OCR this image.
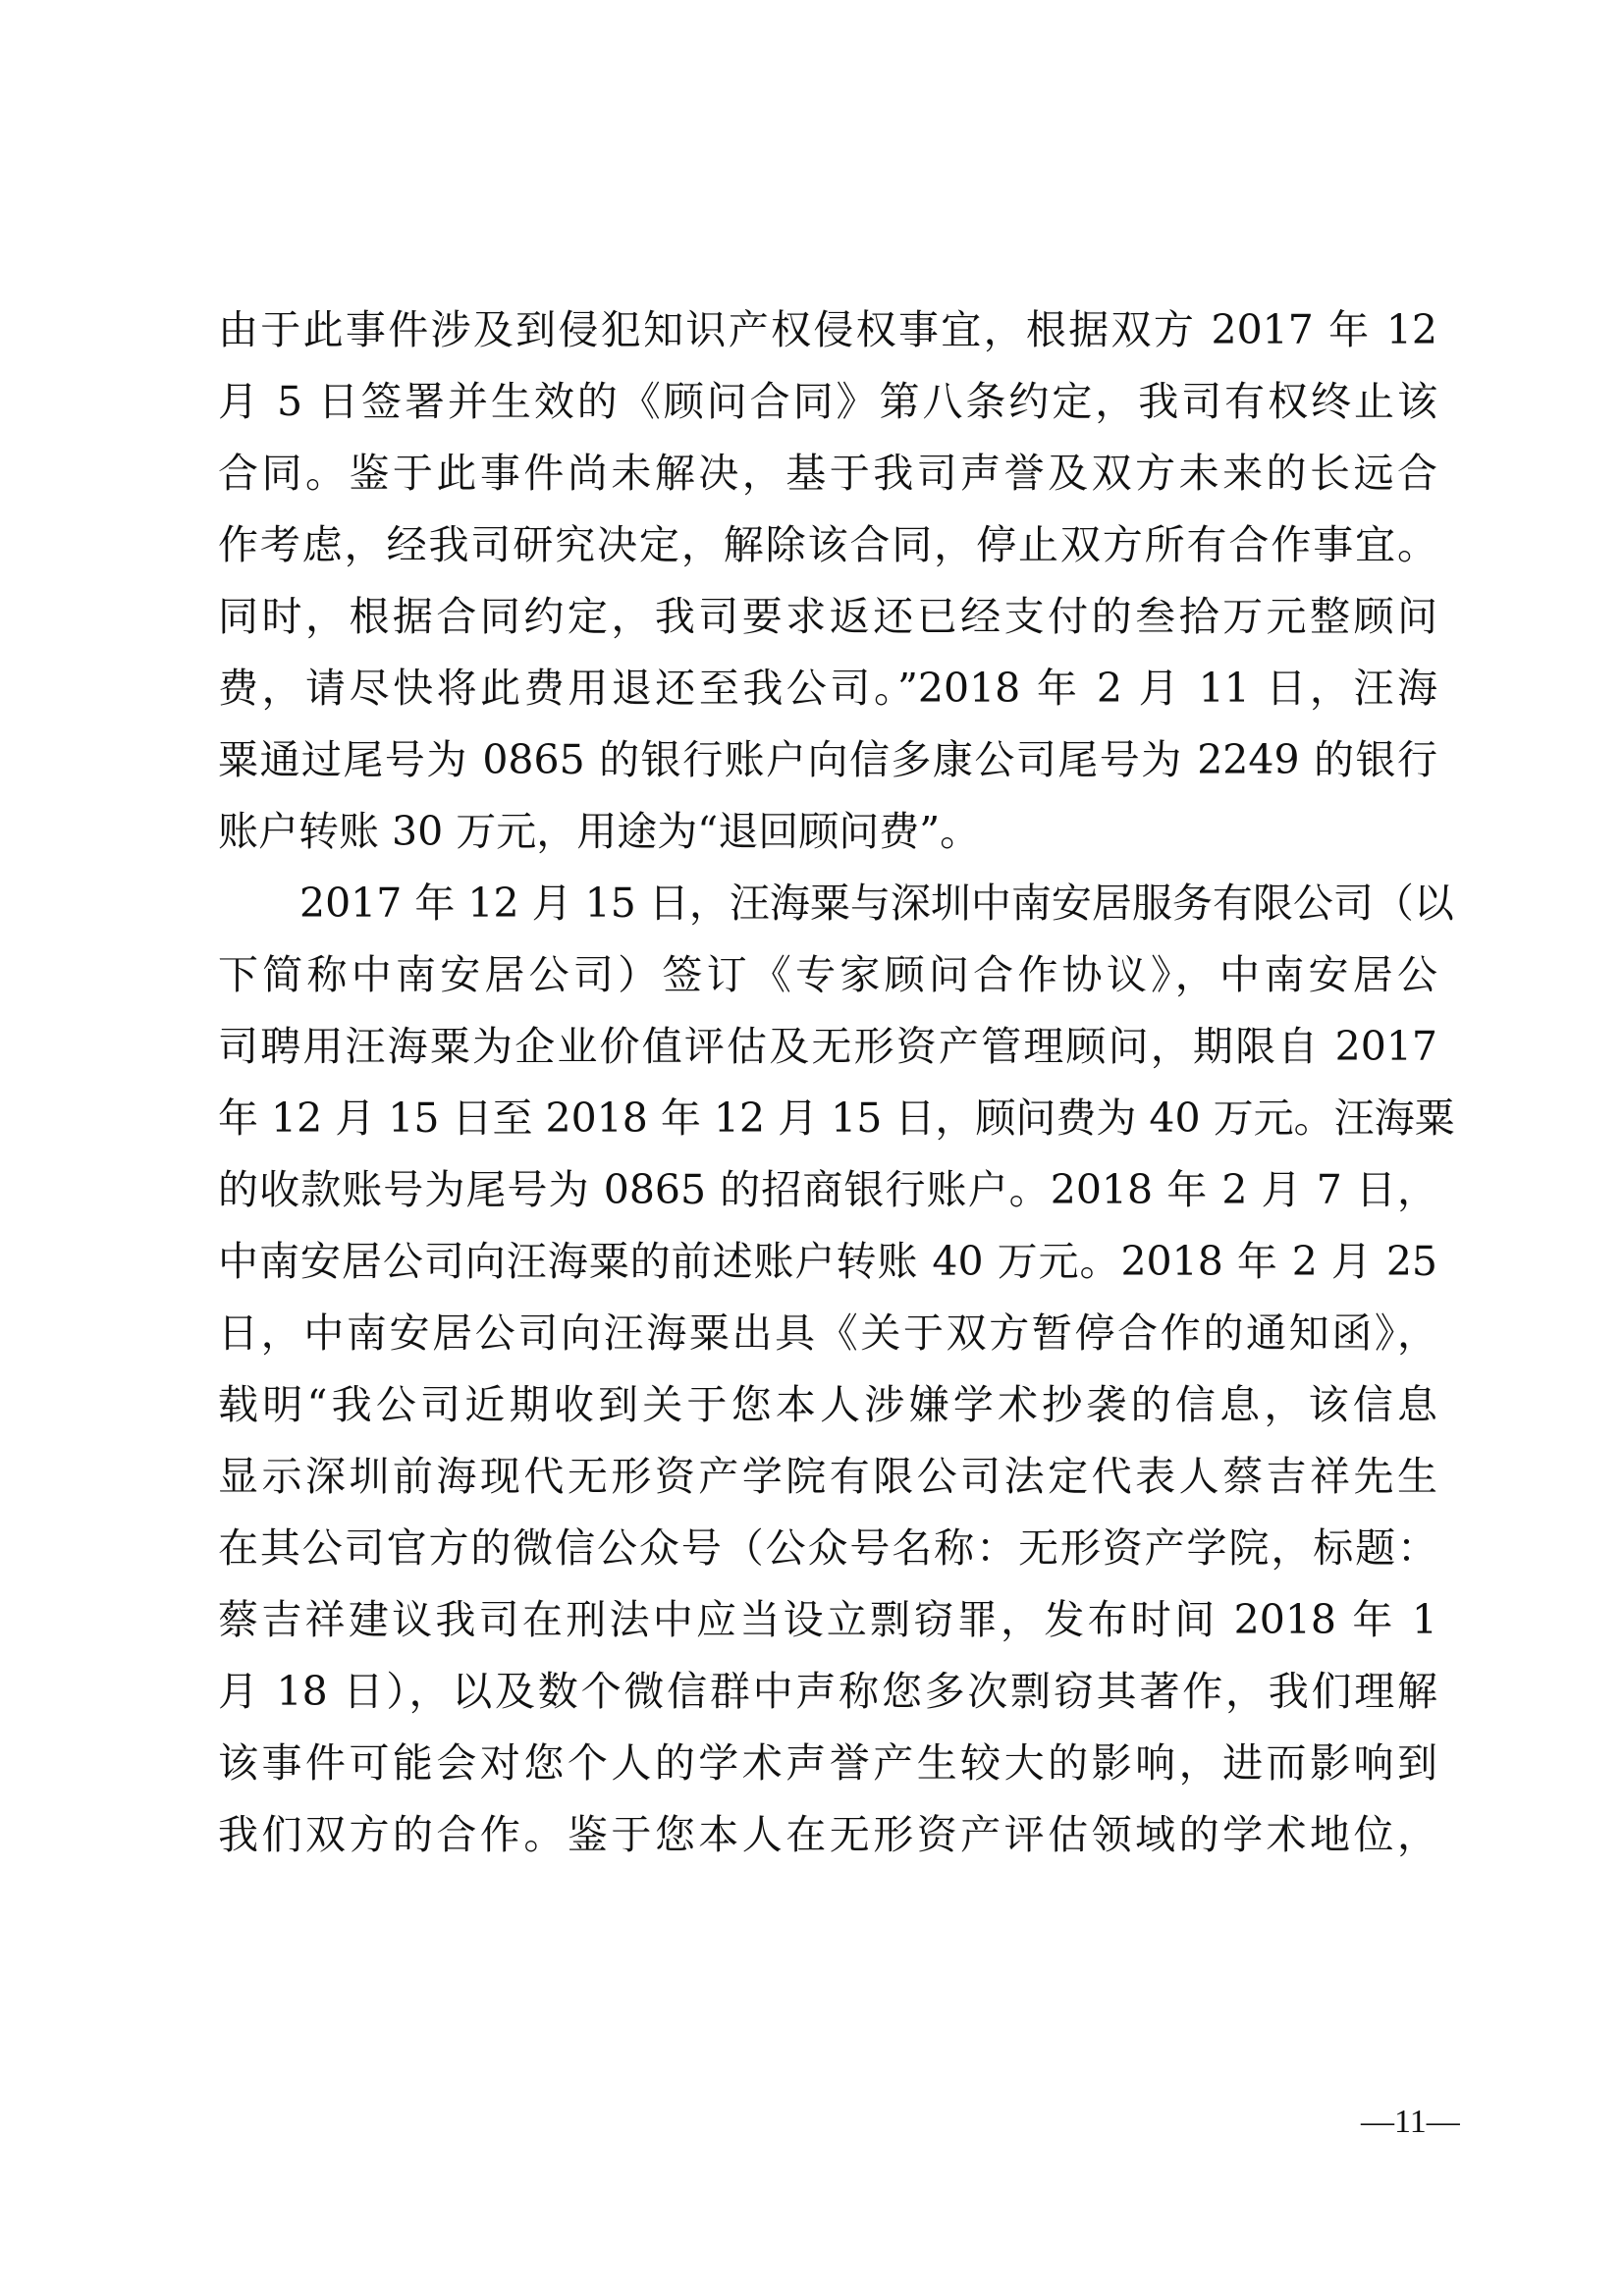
由于此事件涉及到侵犯知识产权侵权事宜，根据双方 2017 年 12
月 5 日签署并生效的《顾问合同》第八条约定，我司有权终止该
合同。鉴于此事件尚未解决，基于我司声誉及双方未来的长远合
作考虑，经我司研究决定，解除该合同，停止双方所有合作事宜。
同时，根据合同约定，我司要求返还已经支付的叁拾万元整顾问
费，请尽快将此费用退还至我公司。”2018 年 2 月 11 日，汪海
粟通过尾号为 0865 的银行账户向信多康公司尾号为 2249 的银行
账户转账 30 万元，用途为“退回顾问费”。
2017 年 12 月 15 日，汪海粟与深圳中南安居服务有限公司（以
下简称中南安居公司）签订《专家顾问合作协议》，中南安居公
司聘用汪海粟为企业价值评估及无形资产管理顾问，期限自 2017
年 12 月 15 日至 2018 年 12 月 15 日，顾问费为 40 万元。汪海粟
的收款账号为尾号为 0865 的招商银行账户。2018 年 2 月 7 日，
中南安居公司向汪海粟的前述账户转账 40 万元。2018 年 2 月 25
日，中南安居公司向汪海粟出具《关于双方暂停合作的通知函》，
载明“我公司近期收到关于您本人涉嫌学术抄袭的信息，该信息
显示深圳前海现代无形资产学院有限公司法定代表人蔡吉祥先生
在其公司官方的微信公众号（公众号名称：无形资产学院，标题：
蔡吉祥建议我司在刑法中应当设立剽窃罪，发布时间 2018 年 1
月 18 日），以及数个微信群中声称您多次剽窃其著作，我们理解
该事件可能会对您个人的学术声誉产生较大的影响，进而影响到
我们双方的合作。鉴于您本人在无形资产评估领域的学术地位，
—11—
